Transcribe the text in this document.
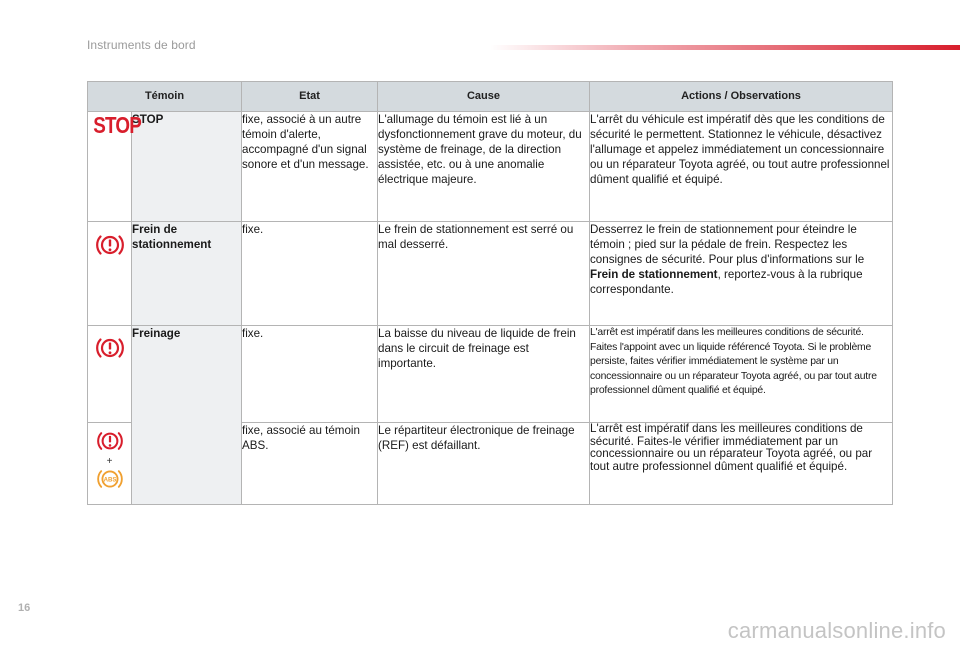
Instruments de bord
Témoin		Etat	Cause	Actions / Observations

STOP	STOP	fixe, associé à un autre témoin d'alerte, accompagné d'un signal sonore et d'un message.	L'allumage du témoin est lié à un dysfonctionnement grave du moteur, du système de freinage, de la direction assistée, etc. ou à une anomalie électrique majeure.	L'arrêt du véhicule est impératif dès que les conditions de sécurité le permettent. Stationnez le véhicule, désactivez l'allumage et appelez immédiatement un concessionnaire ou un réparateur Toyota agréé, ou tout autre professionnel dûment qualifié et équipé.

	Frein de stationnement	fixe.	Le frein de stationnement est serré ou mal desserré.	Desserrez le frein de stationnement pour éteindre le témoin ; pied sur la pédale de frein. Respectez les consignes de sécurité. Pour plus d'informations sur le Frein de stationnement, reportez-vous à la rubrique correspondante.

	Freinage	fixe.	La baisse du niveau de liquide de frein dans le circuit de freinage est importante.	L'arrêt est impératif dans les meilleures conditions de sécurité. Faites l'appoint avec un liquide référencé Toyota. Si le problème persiste, faites vérifier immédiatement le système par un concessionnaire ou un réparateur Toyota agréé, ou par tout autre professionnel dûment qualifié et équipé.

+
ABS		fixe, associé au témoin ABS.	Le répartiteur électronique de freinage (REF) est défaillant.	L'arrêt est impératif dans les meilleures conditions de sécurité. Faites-le vérifier immédiatement par un concessionnaire ou un réparateur Toyota agréé, ou par tout autre professionnel dûment qualifié et équipé.
16
carmanualsonline.info
